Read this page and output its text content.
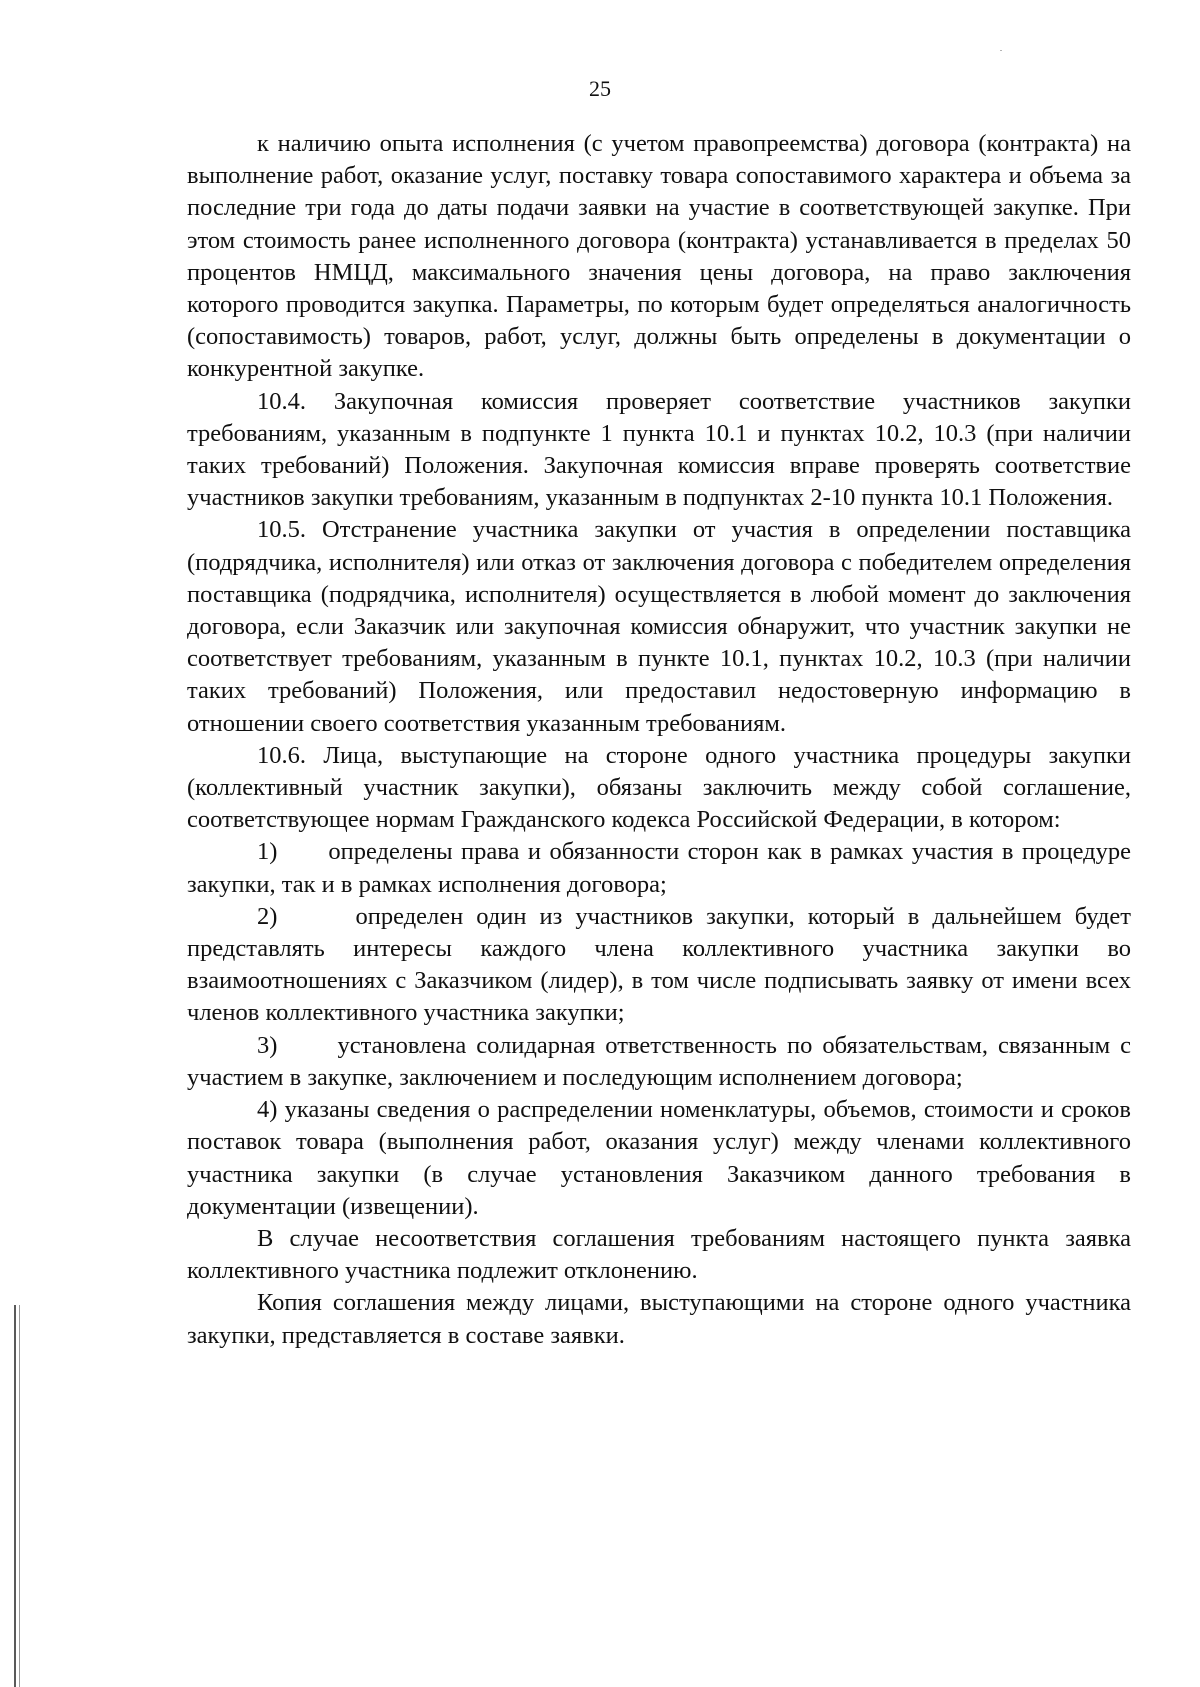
25

к наличию опыта исполнения (с учетом правопреемства) договора (контракта) на выполнение работ, оказание услуг, поставку товара сопоставимого характера и объема за последние три года до даты подачи заявки на участие в соответствующей закупке. При этом стоимость ранее исполненного договора (контракта) устанавливается в пределах 50 процентов НМЦД, максимального значения цены договора, на право заключения которого проводится закупка. Параметры, по которым будет определяться аналогичность (сопоставимость) товаров, работ, услуг, должны быть определены в документации о конкурентной закупке.

10.4. Закупочная комиссия проверяет соответствие участников закупки требованиям, указанным в подпункте 1 пункта 10.1 и пунктах 10.2, 10.3 (при наличии таких требований) Положения. Закупочная комиссия вправе проверять соответствие участников закупки требованиям, указанным в подпунктах 2-10 пункта 10.1 Положения.

10.5. Отстранение участника закупки от участия в определении поставщика (подрядчика, исполнителя) или отказ от заключения договора с победителем определения поставщика (подрядчика, исполнителя) осуществляется в любой момент до заключения договора, если Заказчик или закупочная комиссия обнаружит, что участник закупки не соответствует требованиям, указанным в пункте 10.1, пунктах 10.2, 10.3 (при наличии таких требований) Положения, или предоставил недостоверную информацию в отношении своего соответствия указанным требованиям.

10.6. Лица, выступающие на стороне одного участника процедуры закупки (коллективный участник закупки), обязаны заключить между собой соглашение, соответствующее нормам Гражданского кодекса Российской Федерации, в котором:

1)      определены права и обязанности сторон как в рамках участия в процедуре закупки, так и в рамках исполнения договора;

2)      определен один из участников закупки, который в дальнейшем будет представлять интересы каждого члена коллективного участника закупки во взаимоотношениях с Заказчиком (лидер), в том числе подписывать заявку от имени всех членов коллективного участника закупки;

3)      установлена солидарная ответственность по обязательствам, связанным с участием в закупке, заключением и последующим исполнением договора;

4) указаны сведения о распределении номенклатуры, объемов, стоимости и сроков поставок товара (выполнения работ, оказания услуг) между членами коллективного участника закупки (в случае установления Заказчиком данного требования в документации (извещении).

В случае несоответствия соглашения требованиям настоящего пункта заявка коллективного участника подлежит отклонению.

Копия соглашения между лицами, выступающими на стороне одного участника закупки, представляется в составе заявки.
